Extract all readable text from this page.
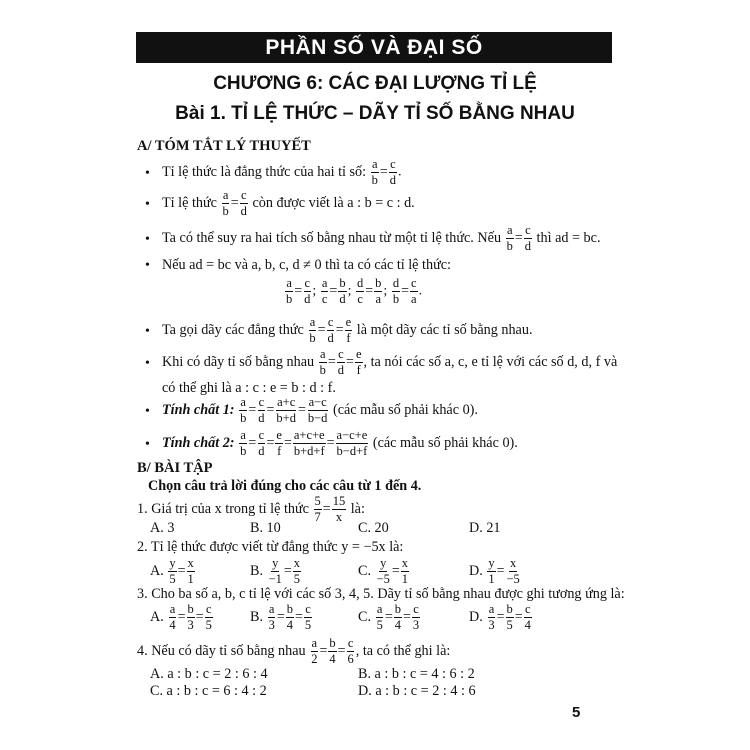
PHẦN SỐ VÀ ĐẠI SỐ
CHƯƠNG 6: CÁC ĐẠI LƯỢNG TỈ LỆ
Bài 1. TỈ LỆ THỨC – DÃY TỈ SỐ BẰNG NHAU
A/ TÓM TẮT LÝ THUYẾT
• Tỉ lệ thức là đẳng thức của hai tỉ số: $\frac{a}{b} = \frac{c}{d}$ .
• Tỉ lệ thức $\frac{a}{b} = \frac{c}{d}$ còn được viết là a : b = c : d.
• Ta có thể suy ra hai tích số bằng nhau từ một tỉ lệ thức. Nếu $\frac{a}{b} = \frac{c}{d}$ thì ad = bc.
• Nếu ad = bc và a, b, c, d ≠ 0 thì ta có các tỉ lệ thức:
$\frac{a}{b} = \frac{c}{d}$ ; $\frac{a}{c} = \frac{b}{d}$ ; $\frac{d}{c} = \frac{b}{a}$ ; $\frac{d}{b} = \frac{c}{a}$ .
• Ta gọi dãy các đẳng thức $\frac{a}{b} = \frac{c}{d} = \frac{e}{f}$ là một dãy các tỉ số bằng nhau.
• Khi có dãy tỉ số bằng nhau $\frac{a}{b} = \frac{c}{d} = \frac{e}{f}$ , ta nói các số a, c, e tỉ lệ với các số d, d, f và
có thể ghi là a : c : e = b : d : f.
• Tính chất 1: $\frac{a}{b} = \frac{c}{d} = \frac{a+c}{b+d} = \frac{a-c}{b-d}$ (các mẫu số phải khác 0).
• Tính chất 2: $\frac{a}{b} = \frac{c}{d} = \frac{e}{f} = \frac{a+c+e}{b+d+f} = \frac{a-c+e}{b-d+f}$ (các mẫu số phải khác 0).
B/ BÀI TẬP
Chọn câu trả lời đúng cho các câu từ 1 đến 4.
1. Giá trị của x trong tỉ lệ thức $\frac{5}{7} = \frac{15}{x}$ là:
A. 3	B. 10	C. 20	D. 21
2. Tỉ lệ thức được viết từ đẳng thức y = −5x là:
A. $\frac{y}{5} = \frac{x}{1}$	B. $\frac{y}{-1} = \frac{x}{5}$	C. $\frac{y}{-5} = \frac{x}{1}$	D. $\frac{y}{1} = \frac{x}{-5}$
3. Cho ba số a, b, c tỉ lệ với các số 3, 4, 5. Dãy tỉ số bằng nhau được ghi tương ứng là:
A. $\frac{a}{4} = \frac{b}{3} = \frac{c}{5}$	B. $\frac{a}{3} = \frac{b}{4} = \frac{c}{5}$	C. $\frac{a}{5} = \frac{b}{4} = \frac{c}{3}$	D. $\frac{a}{3} = \frac{b}{5} = \frac{c}{4}$
4. Nếu có dãy tỉ số bằng nhau $\frac{a}{2} = \frac{b}{4} = \frac{c}{6}$ , ta có thể ghi là:
A. a : b : c = 2 : 6 : 4	B. a : b : c = 4 : 6 : 2
C. a : b : c = 6 : 4 : 2	D. a : b : c = 2 : 4 : 6
5
